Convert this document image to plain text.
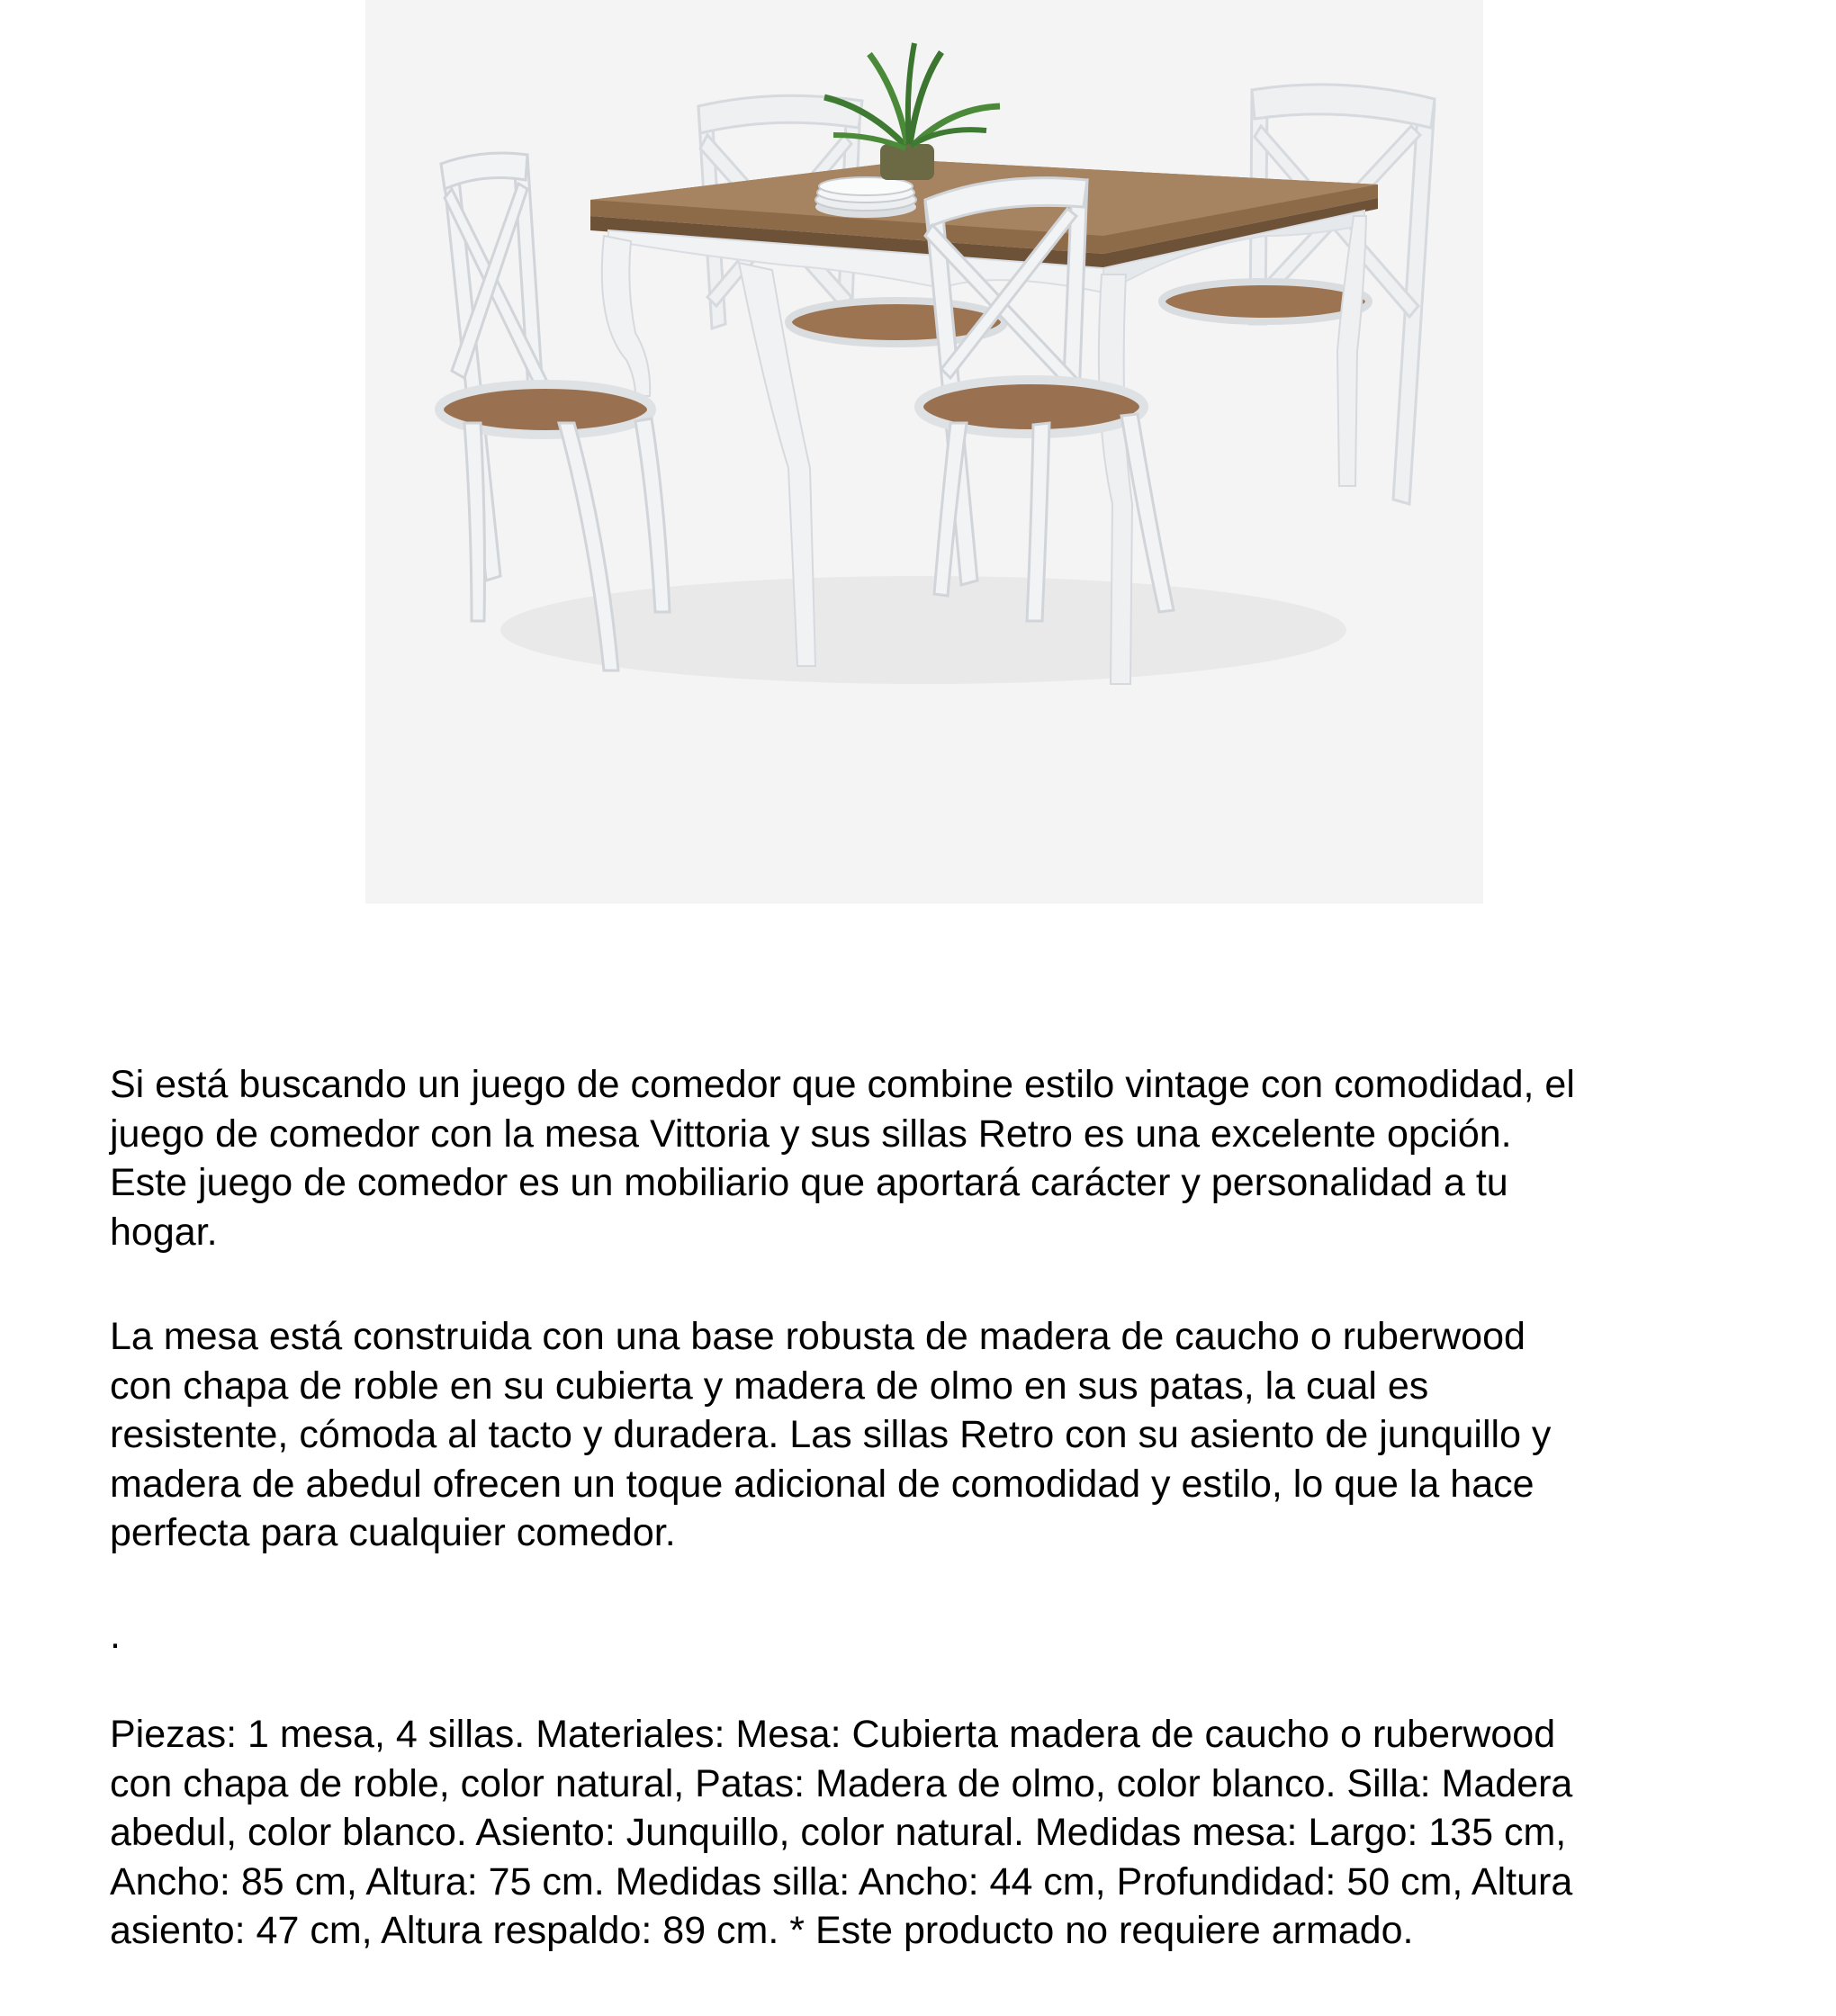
Si está buscando un juego de comedor que combine estilo vintage con comodidad, el
juego de comedor con la mesa Vittoria y sus sillas Retro es una excelente opción.
Este juego de comedor es un mobiliario que aportará carácter y personalidad a tu
hogar.

La mesa está construida con una base robusta de madera de caucho o ruberwood
con chapa de roble en su cubierta y madera de olmo en sus patas, la cual es
resistente, cómoda al tacto y duradera. Las sillas Retro con su asiento de junquillo y
madera de abedul ofrecen un toque adicional de comodidad y estilo, lo que la hace
perfecta para cualquier comedor.

.

Piezas: 1 mesa, 4 sillas. Materiales: Mesa: Cubierta madera de caucho o ruberwood
con chapa de roble, color natural, Patas: Madera de olmo, color blanco. Silla: Madera
abedul, color blanco. Asiento: Junquillo, color natural. Medidas mesa: Largo: 135 cm,
Ancho: 85 cm, Altura: 75 cm. Medidas silla: Ancho: 44 cm, Profundidad: 50 cm, Altura
asiento: 47 cm, Altura respaldo: 89 cm. * Este producto no requiere armado.
